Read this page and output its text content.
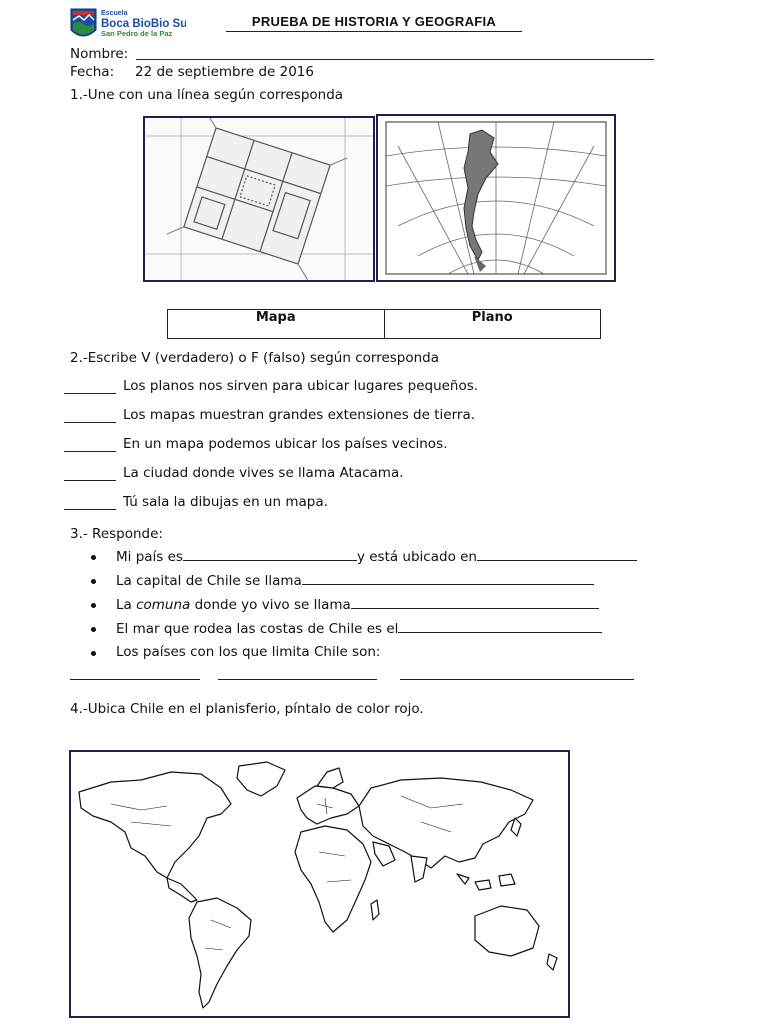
Escuela
Boca BioBio Sur
San Pedro de la Paz
PRUEBA DE HISTORIA Y GEOGRAFIA
Nombre:
Fecha: 22 de septiembre de 2016
1.-Une con una línea según corresponda
Mapa	Plano
2.-Escribe V (verdadero) o F (falso) según corresponda
Los planos nos sirven para ubicar lugares pequeños.
Los mapas muestran grandes extensiones de tierra.
En un mapa podemos ubicar los países vecinos.
La ciudad donde vives se llama Atacama.
Tú sala la dibujas en un mapa.
3.- Responde:
Mi país es	y está ubicado en
La capital de Chile se llama
La comuna donde yo vivo se llama
El mar que rodea las costas de Chile es el
Los países con los que limita Chile son:
4.-Ubica Chile en el planisferio, píntalo de color rojo.
